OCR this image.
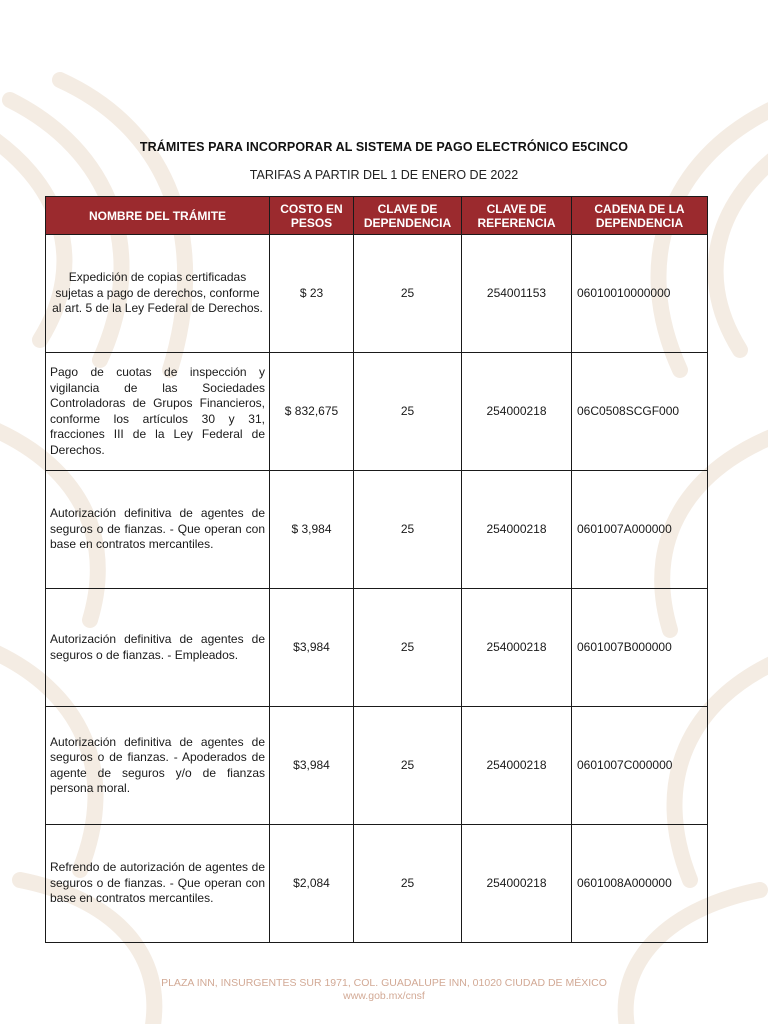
TRÁMITES PARA INCORPORAR AL SISTEMA DE PAGO ELECTRÓNICO E5CINCO
TARIFAS A PARTIR DEL 1 DE ENERO DE 2022
NOMBRE DEL TRÁMITE	COSTO EN PESOS	CLAVE DE DEPENDENCIA	CLAVE DE REFERENCIA	CADENA DE LA DEPENDENCIA
Expedición de copias certificadas sujetas a pago de derechos, conforme al art. 5 de la Ley Federal de Derechos.	$ 23	25	254001153	06010010000000
Pago de cuotas de inspección y vigilancia de las Sociedades Controladoras de Grupos Financieros, conforme los artículos 30 y 31, fracciones III de la Ley Federal de Derechos.	$ 832,675	25	254000218	06C0508SCGF000
Autorización definitiva de agentes de seguros o de fianzas. - Que operan con base en contratos mercantiles.	$ 3,984	25	254000218	0601007A000000
Autorización definitiva de agentes de seguros o de fianzas. - Empleados.	$3,984	25	254000218	0601007B000000
Autorización definitiva de agentes de seguros o de fianzas. - Apoderados de agente de seguros y/o de fianzas persona moral.	$3,984	25	254000218	0601007C000000
Refrendo de autorización de agentes de seguros o de fianzas. - Que operan con base en contratos mercantiles.	$2,084	25	254000218	0601008A000000
PLAZA INN, INSURGENTES SUR 1971, COL. GUADALUPE INN, 01020 CIUDAD DE MÉXICO
www.gob.mx/cnsf
